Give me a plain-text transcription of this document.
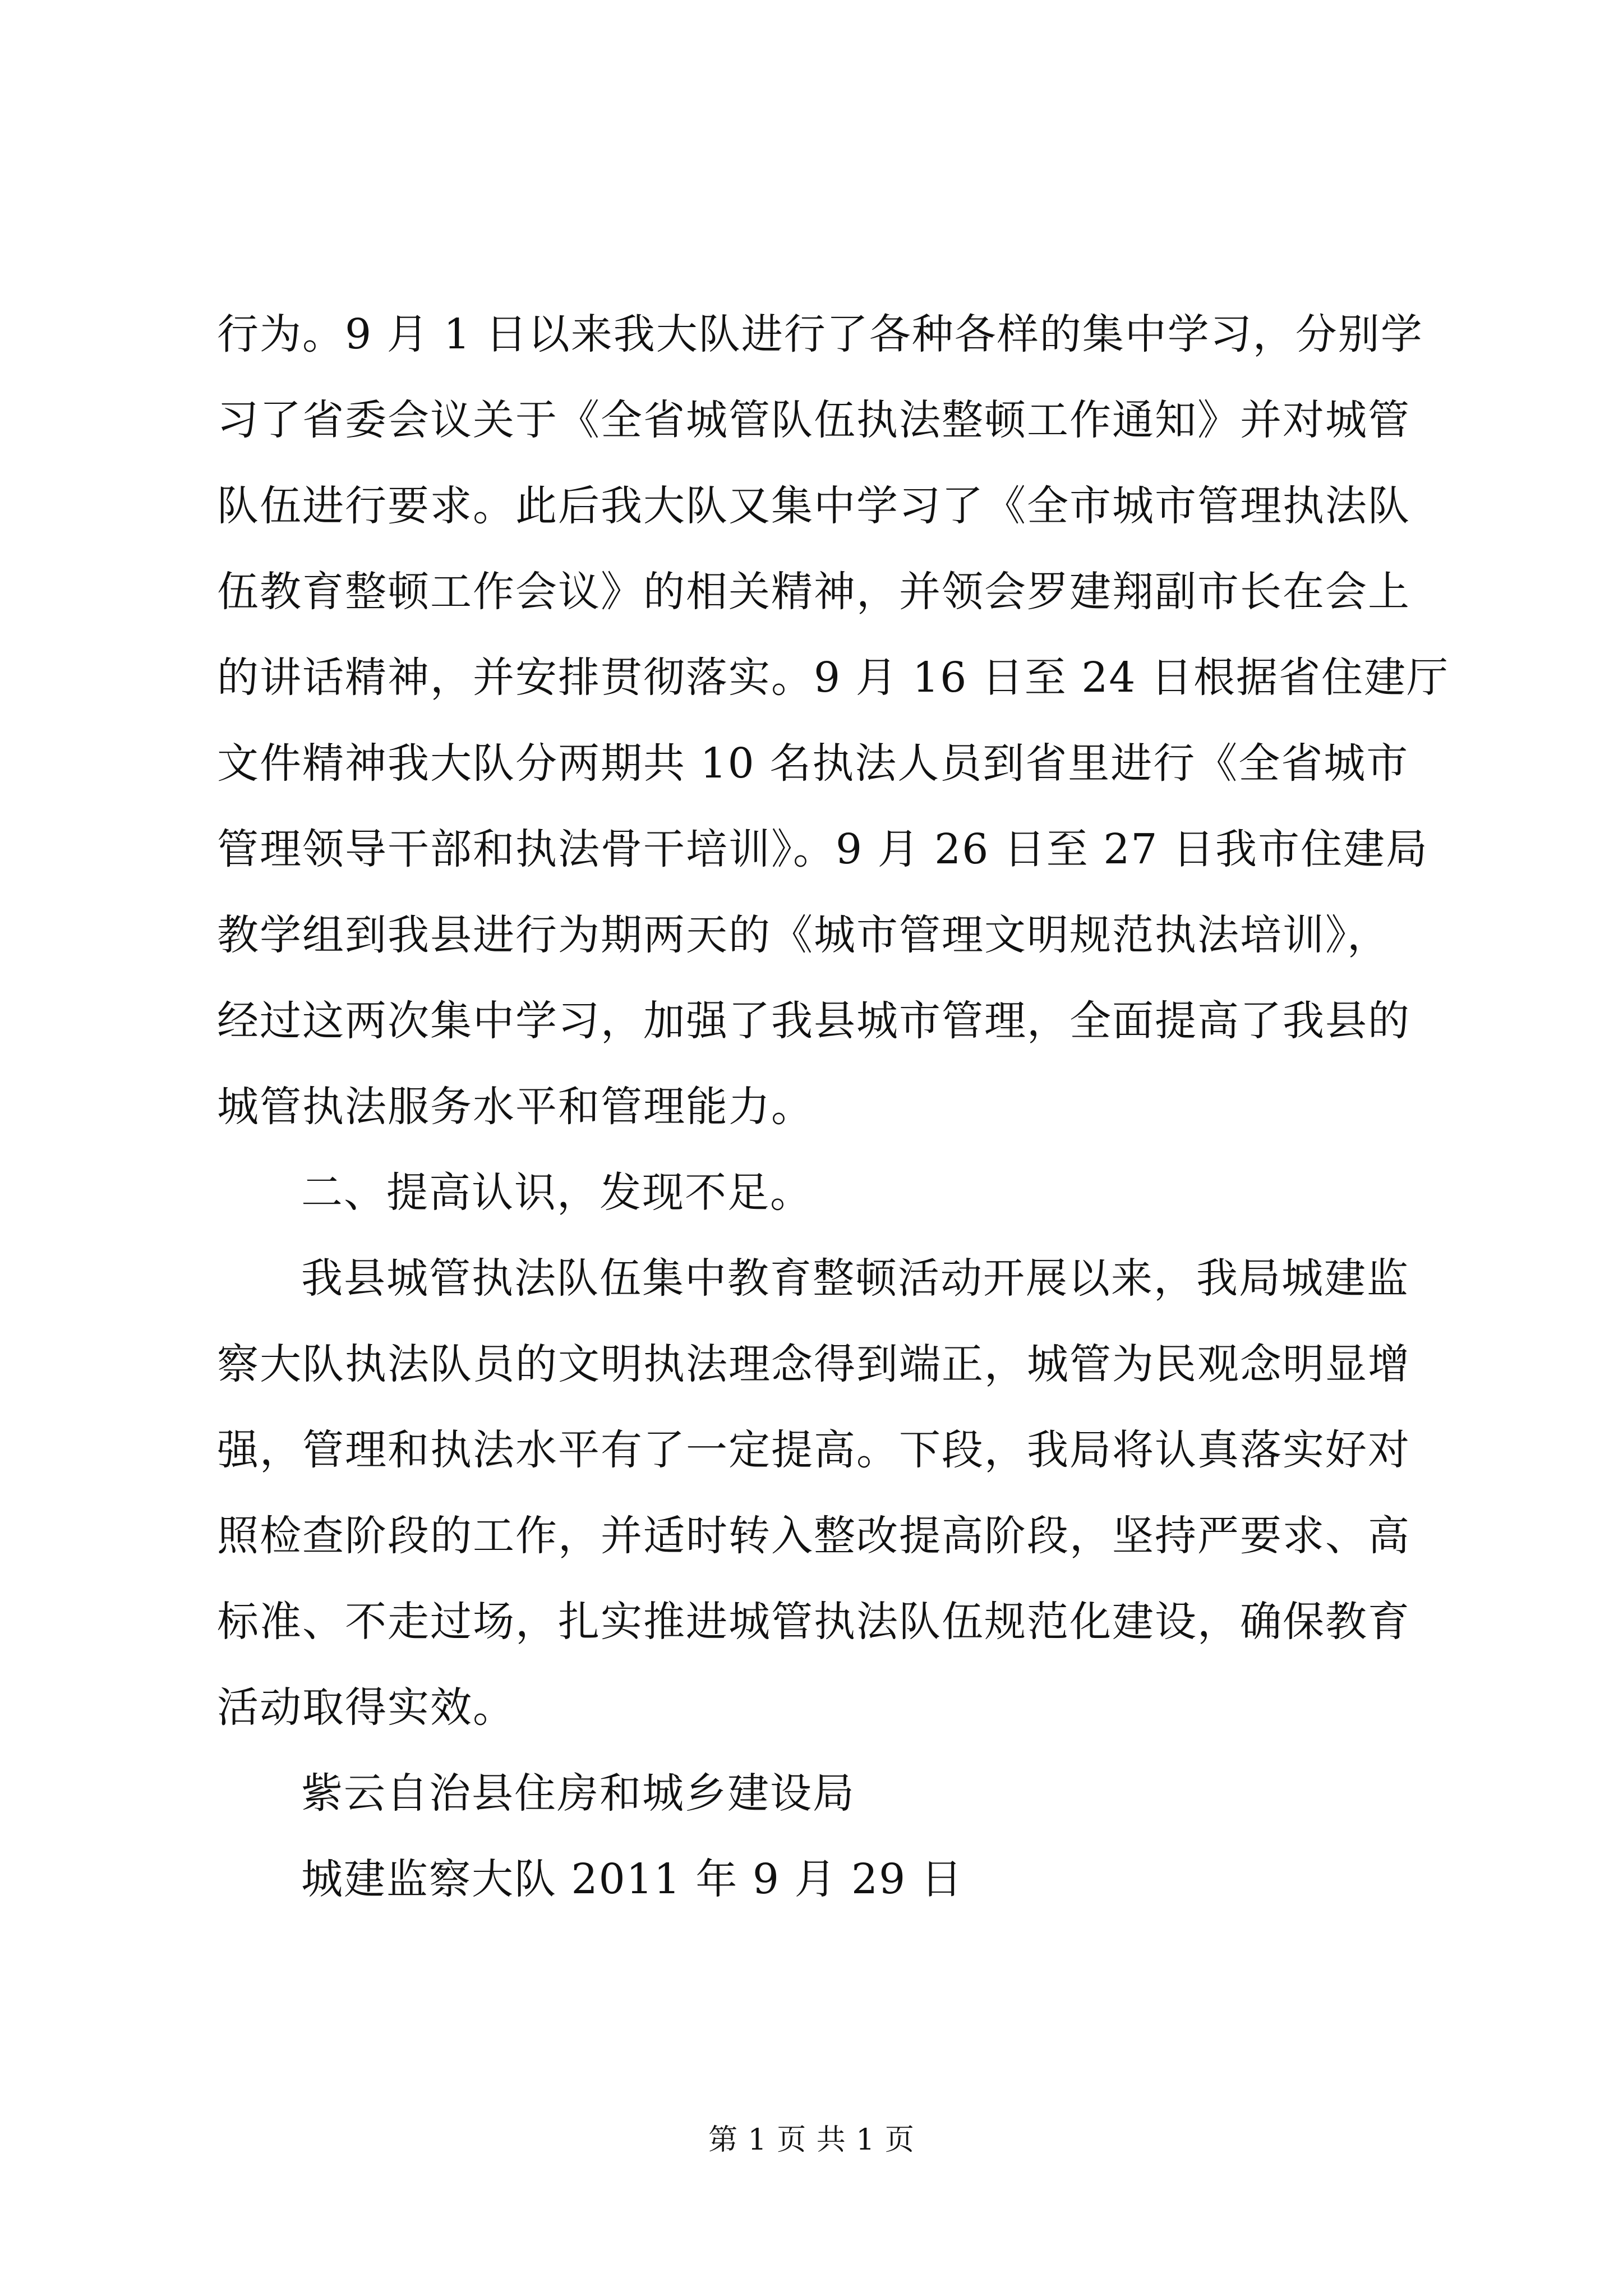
行为。9 月 1 日以来我大队进行了各种各样的集中学习，分别学
习了省委会议关于《全省城管队伍执法整顿工作通知》并对城管
队伍进行要求。此后我大队又集中学习了《全市城市管理执法队
伍教育整顿工作会议》的相关精神，并领会罗建翔副市长在会上
的讲话精神，并安排贯彻落实。9 月 16 日至 24 日根据省住建厅
文件精神我大队分两期共 10 名执法人员到省里进行《全省城市
管理领导干部和执法骨干培训》。9 月 26 日至 27 日我市住建局
教学组到我县进行为期两天的《城市管理文明规范执法培训》，
经过这两次集中学习，加强了我县城市管理，全面提高了我县的
城管执法服务水平和管理能力。
二、提高认识，发现不足。
我县城管执法队伍集中教育整顿活动开展以来，我局城建监
察大队执法队员的文明执法理念得到端正，城管为民观念明显增
强，管理和执法水平有了一定提高。下段，我局将认真落实好对
照检查阶段的工作，并适时转入整改提高阶段，坚持严要求、高
标准、不走过场，扎实推进城管执法队伍规范化建设，确保教育
活动取得实效。
紫云自治县住房和城乡建设局
城建监察大队 2011 年 9 月 29 日
第 1 页 共 1 页
